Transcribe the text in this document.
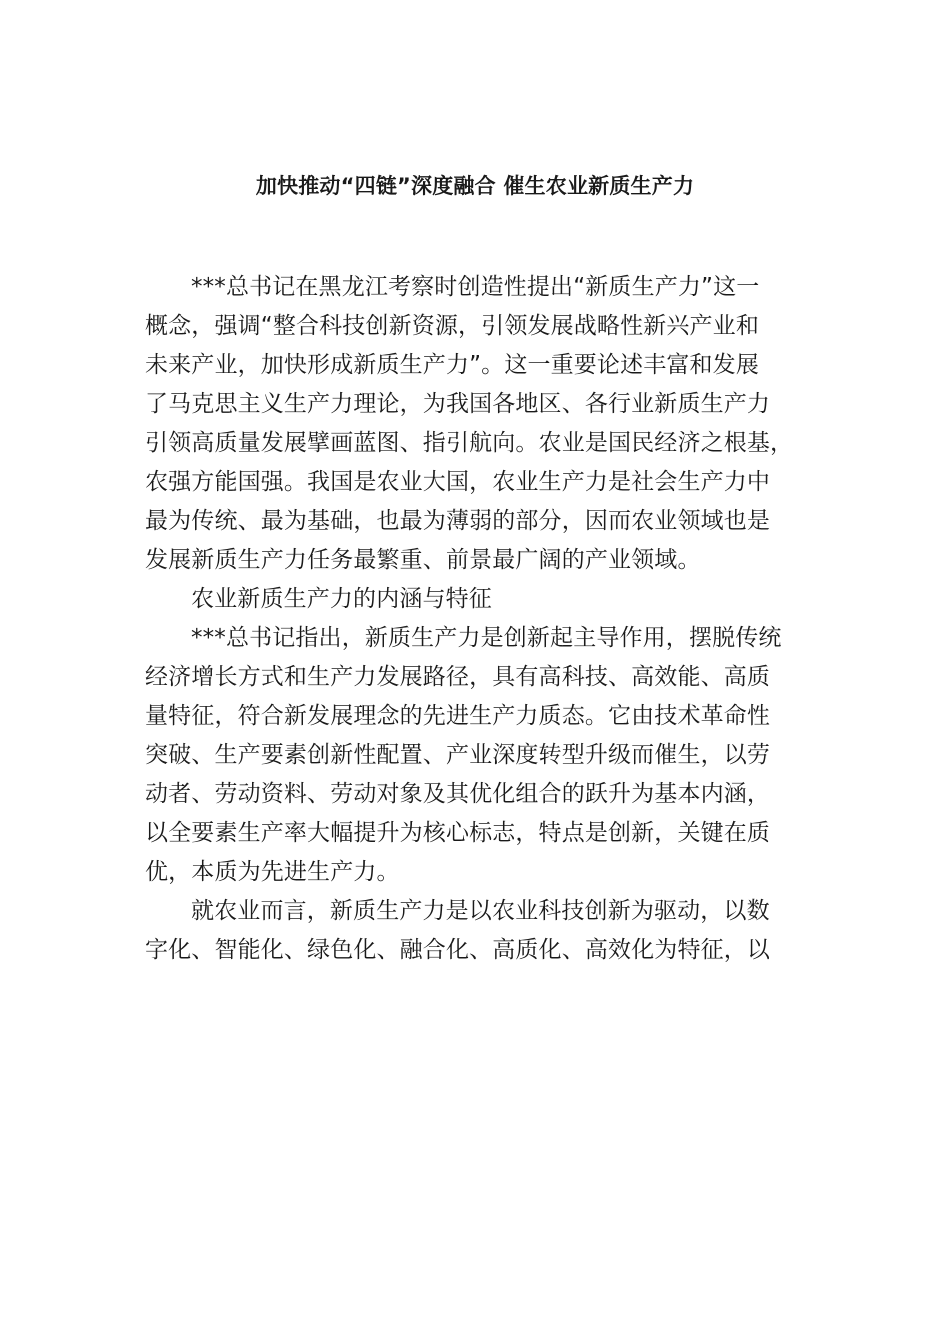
加快推动“四链”深度融合 催生农业新质生产力
***总书记在黑龙江考察时创造性提出“新质生产力”这一
概念，强调“整合科技创新资源，引领发展战略性新兴产业和
未来产业，加快形成新质生产力”。这一重要论述丰富和发展
了马克思主义生产力理论，为我国各地区、各行业新质生产力
引领高质量发展擘画蓝图、指引航向。农业是国民经济之根基，
农强方能国强。我国是农业大国，农业生产力是社会生产力中
最为传统、最为基础，也最为薄弱的部分，因而农业领域也是
发展新质生产力任务最繁重、前景最广阔的产业领域。
农业新质生产力的内涵与特征
***总书记指出，新质生产力是创新起主导作用，摆脱传统
经济增长方式和生产力发展路径，具有高科技、高效能、高质
量特征，符合新发展理念的先进生产力质态。它由技术革命性
突破、生产要素创新性配置、产业深度转型升级而催生，以劳
动者、劳动资料、劳动对象及其优化组合的跃升为基本内涵，
以全要素生产率大幅提升为核心标志，特点是创新，关键在质
优，本质为先进生产力。
就农业而言，新质生产力是以农业科技创新为驱动，以数
字化、智能化、绿色化、融合化、高质化、高效化为特征，以
